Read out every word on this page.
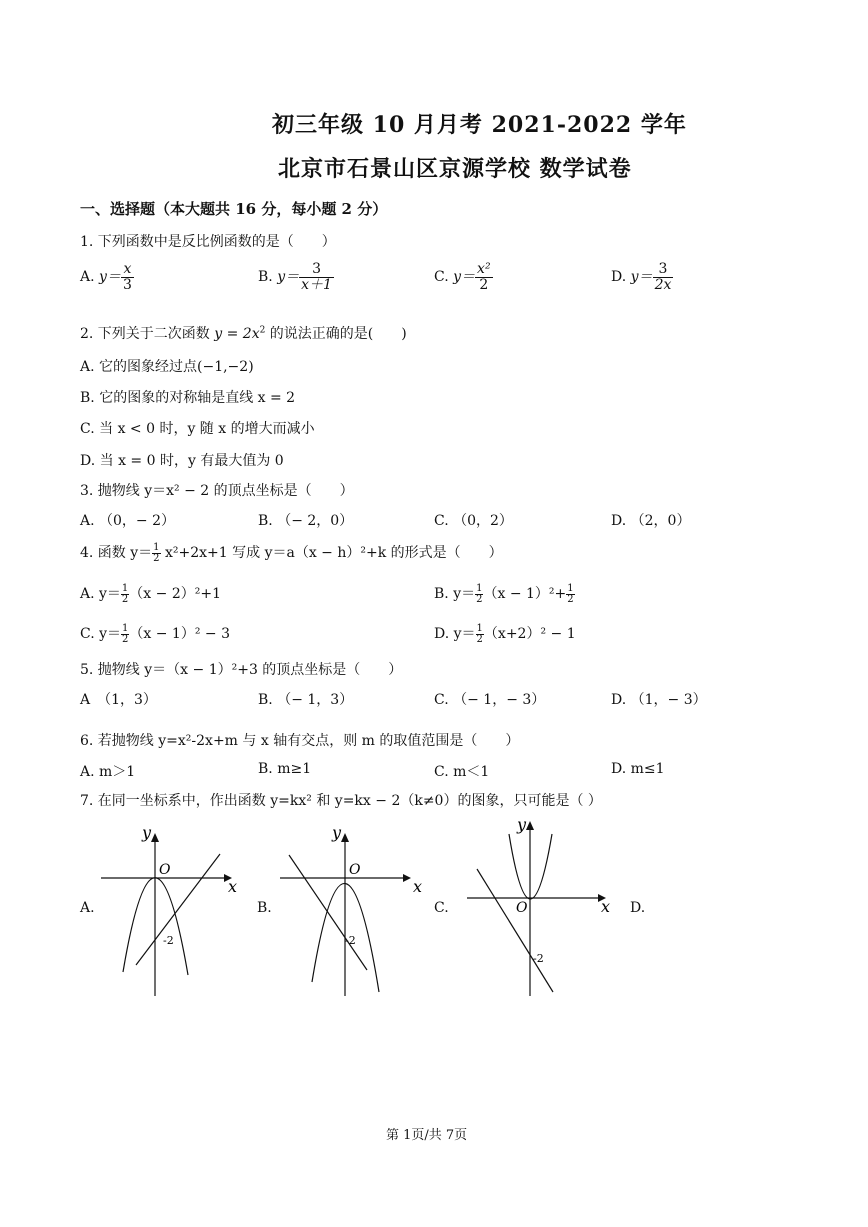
初三年级 10 月月考 2021-2022 学年
北京市石景山区京源学校 数学试卷
一、选择题（本大题共 16 分，每小题 2 分）
1. 下列函数中是反比例函数的是（　　）
A. $y= \frac{x}{3}$	B. $y= \frac{3}{x+1}$	C. $y= \frac{\text{x²}}{2}$	D. $y= \frac{3}{2x}$
2. 下列关于二次函数 $y = 2x^2$ 的说法正确的是(　　)
A. 它的图象经过点(−1,−2)
B. 它的图象的对称轴是直线 x = 2
C. 当 x < 0 时，y 随 x 的增大而减小
D. 当 x = 0 时，y 有最大值为 0
3. 抛物线 y＝x² − 2 的顶点坐标是（　　）
A. （0，− 2）	B. （− 2，0）	C. （0，2）	D. （2，0）
4. 函数 $y= \frac{1}{2} x^2+2x+1$ 写成 y＝a（x − h）²+k 的形式是（　　）
A. $y= \frac{1}{2} (x - 2)^2+1$	B. $y= \frac{1}{2} (x - 1)^2+ \frac{1}{2}$
C. $y= \frac{1}{2} (x - 1)^2 - 3$	D. $y= \frac{1}{2} (x+2)^2 - 1$
5. 抛物线 y＝（x − 1）²+3 的顶点坐标是（　　）
A　（1，3）	B. （− 1，3）	C. （− 1，− 3）	D. （1，− 3）
6. 若抛物线 y=x²-2x+m 与 x 轴有交点，则 m 的取值范围是（　　）
A. m＞1	B. m≥1	C. m＜1	D. m≤1
7. 在同一坐标系中，作出函数 y=kx² 和 y=kx − 2（k≠0）的图象，只可能是（ ）
A.	B.	C.	D.
y
x
O
-2
y
x
O
-2
y
x
O
-2
第 1页/共 7页
